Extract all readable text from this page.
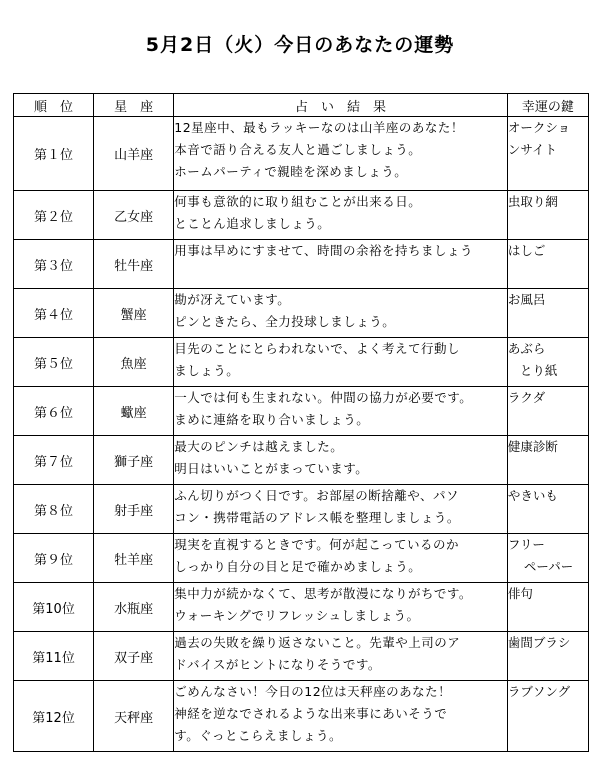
5月2日（火）今日のあなたの運勢
順　位	星　座	占　い　結　果	幸運の鍵
第１位	山羊座	12星座中、最もラッキーなのは山羊座のあなた！
本音で語り合える友人と過ごしましょう。
ホームパーティで親睦を深めましょう。	オークショ
ンサイト

第２位	乙女座	何事も意欲的に取り組むことが出来る日。
とことん追求しましょう。	虫取り網

第３位	牡牛座	用事は早めにすませて、時間の余裕を持ちましょう	はしご

第４位	蟹座	勘が冴えています。
ピンときたら、全力投球しましょう。	お風呂

第５位	魚座	目先のことにとらわれないで、よく考えて行動し
ましょう。	あぶら
とり紙

第６位	蠍座	一人では何も生まれない。仲間の協力が必要です。
まめに連絡を取り合いましょう。	ラクダ

第７位	獅子座	最大のピンチは越えました。
明日はいいことがまっています。	健康診断

第８位	射手座	ふん切りがつく日です。お部屋の断捨離や、パソ
コン・携帯電話のアドレス帳を整理しましょう。	やきいも

第９位	牡羊座	現実を直視するときです。何が起こっているのか
しっかり自分の目と足で確かめましょう。	フリー
ペーパー

第10位	水瓶座	集中力が続かなくて、思考が散漫になりがちです。
ウォーキングでリフレッシュしましょう。	俳句

第11位	双子座	過去の失敗を繰り返さないこと。先輩や上司のア
ドバイスがヒントになりそうです。	歯間ブラシ

第12位	天秤座	ごめんなさい！今日の12位は天秤座のあなた！
神経を逆なでされるような出来事にあいそうで
す。ぐっとこらえましょう。	ラブソング
